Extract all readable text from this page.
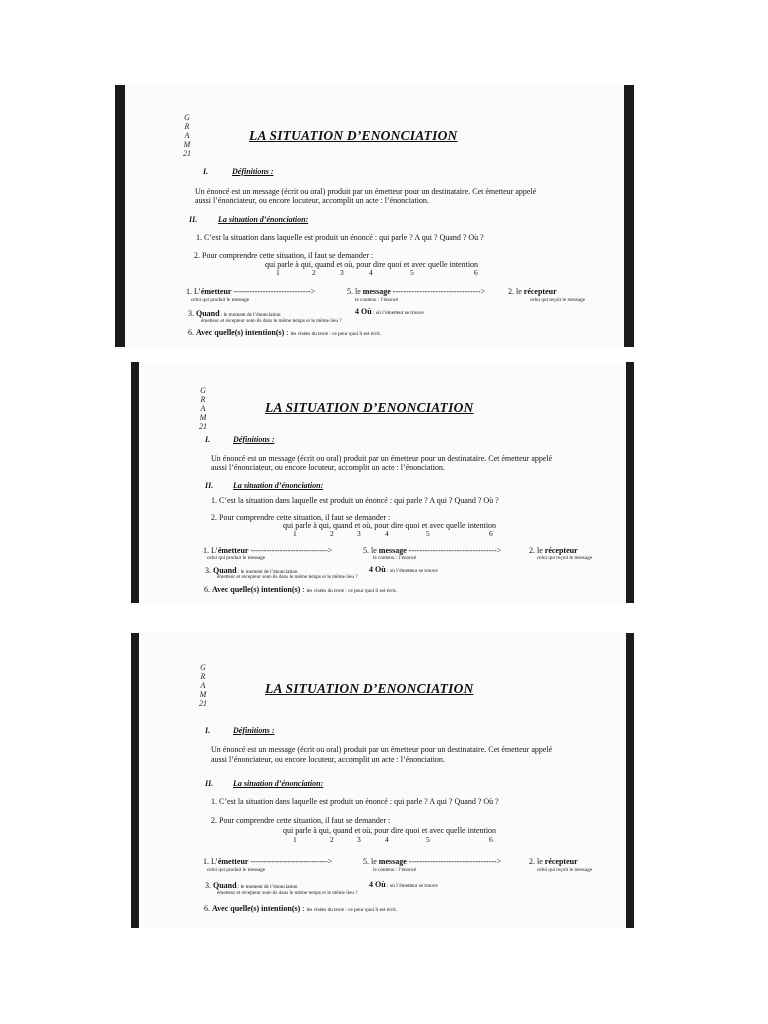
G
R
A
M
21
LA SITUATION D’ENONCIATION
I.	Définitions :
Un énoncé est un message (écrit ou oral) produit par un émetteur pour un destinataire. Cet émetteur appelé
aussi l’énonciateur, ou encore locuteur, accomplit un acte : l’énonciation.
II.	La situation d’énonciation:
1. C’est la situation dans laquelle est produit un énoncé : qui parle ? A qui ? Quand ? Où ?
2. Pour comprendre cette situation, il faut se demander :
qui parle à qui, quand et où, pour dire quoi et avec quelle intention
1	2	3	4	5	6
1. L’émetteur ----------------------------->	5. le message --------------------------------->	2. le récepteur
celui qui produit le message	le contenu : l’énoncé	celui qui reçoit le message
3. Quand : le moment de l’énonciation	4 Où : où l’émetteur se trouve
émetteur et récepteur sont-ils dans le même temps et le même lieu ?
6. Avec quelle(s) intention(s) : les visées du texte : ce pour quoi il est écrit.
G
R
A
M
21
LA SITUATION D’ENONCIATION
I.	Définitions :
Un énoncé est un message (écrit ou oral) produit par un émetteur pour un destinataire. Cet émetteur appelé
aussi l’énonciateur, ou encore locuteur, accomplit un acte : l’énonciation.
II. La situation d’énonciation:
1. C’est la situation dans laquelle est produit un énoncé : qui parle ? A qui ? Quand ? Où ?
2. Pour comprendre cette situation, il faut se demander :
qui parle à qui, quand et où, pour dire quoi et avec quelle intention
1	2	3	4	5	6
1. L’émetteur ----------------------------->	5. le message --------------------------------->	2. le récepteur
celui qui produit le message	le contenu : l’énoncé	celui qui reçoit le message
3. Quand : le moment de l’énonciation	4 Où : où l’émetteur se trouve
émetteur et récepteur sont-ils dans le même temps et le même lieu ?
6. Avec quelle(s) intention(s) : les visées du texte : ce pour quoi il est écrit.
G
R
A
M
21
LA SITUATION D’ENONCIATION
I.	Définitions :
Un énoncé est un message (écrit ou oral) produit par un émetteur pour un destinataire. Cet émetteur appelé
aussi l’énonciateur, ou encore locuteur, accomplit un acte : l’énonciation.
II. La situation d’énonciation:
1. C’est la situation dans laquelle est produit un énoncé : qui parle ? A qui ? Quand ? Où ?
2. Pour comprendre cette situation, il faut se demander :
qui parle à qui, quand et où, pour dire quoi et avec quelle intention
1	2	3	4	5	6
1. L’émetteur ----------------------------->	5. le message --------------------------------->	2. le récepteur
celui qui produit le message	le contenu : l’énoncé	celui qui reçoit le message
3. Quand : le moment de l’énonciation	4 Où : où l’émetteur se trouve
émetteur et récepteur sont-ils dans le même temps et le même lieu ?
6. Avec quelle(s) intention(s) : les visées du texte : ce pour quoi il est écrit.
